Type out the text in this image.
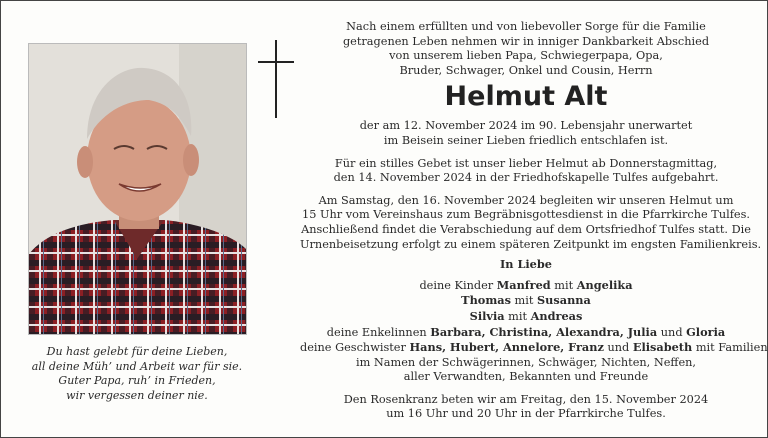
Du hast gelebt für deine Lieben,
all deine Müh’ und Arbeit war für sie.
Guter Papa, ruh’ in Frieden,
wir vergessen deiner nie.
Nach einem erfüllten und von liebevoller Sorge für die Familie
getragenen Leben nehmen wir in inniger Dankbarkeit Abschied
von unserem lieben Papa, Schwiegerpapa, Opa,
Bruder, Schwager, Onkel und Cousin, Herrn
Helmut Alt
der am 12. November 2024 im 90. Lebensjahr unerwartet
im Beisein seiner Lieben friedlich entschlafen ist.
Für ein stilles Gebet ist unser lieber Helmut ab Donnerstagmittag,
den 14. November 2024 in der Friedhofskapelle Tulfes aufgebahrt.
Am Samstag, den 16. November 2024 begleiten wir unseren Helmut um
15 Uhr vom Vereinshaus zum Begräbnisgottesdienst in die Pfarrkirche Tulfes.
Anschließend findet die Verabschiedung auf dem Ortsfriedhof Tulfes statt. Die
Urnenbeisetzung erfolgt zu einem späteren Zeitpunkt im engsten Familienkreis.
In Liebe
deine Kinder Manfred mit Angelika
Thomas mit Susanna
Silvia mit Andreas
deine Enkelinnen Barbara, Christina, Alexandra, Julia und Gloria
deine Geschwister Hans, Hubert, Annelore, Franz und Elisabeth mit Familien
im Namen der Schwägerinnen, Schwäger, Nichten, Neffen,
aller Verwandten, Bekannten und Freunde
Den Rosenkranz beten wir am Freitag, den 15. November 2024
um 16 Uhr und 20 Uhr in der Pfarrkirche Tulfes.
